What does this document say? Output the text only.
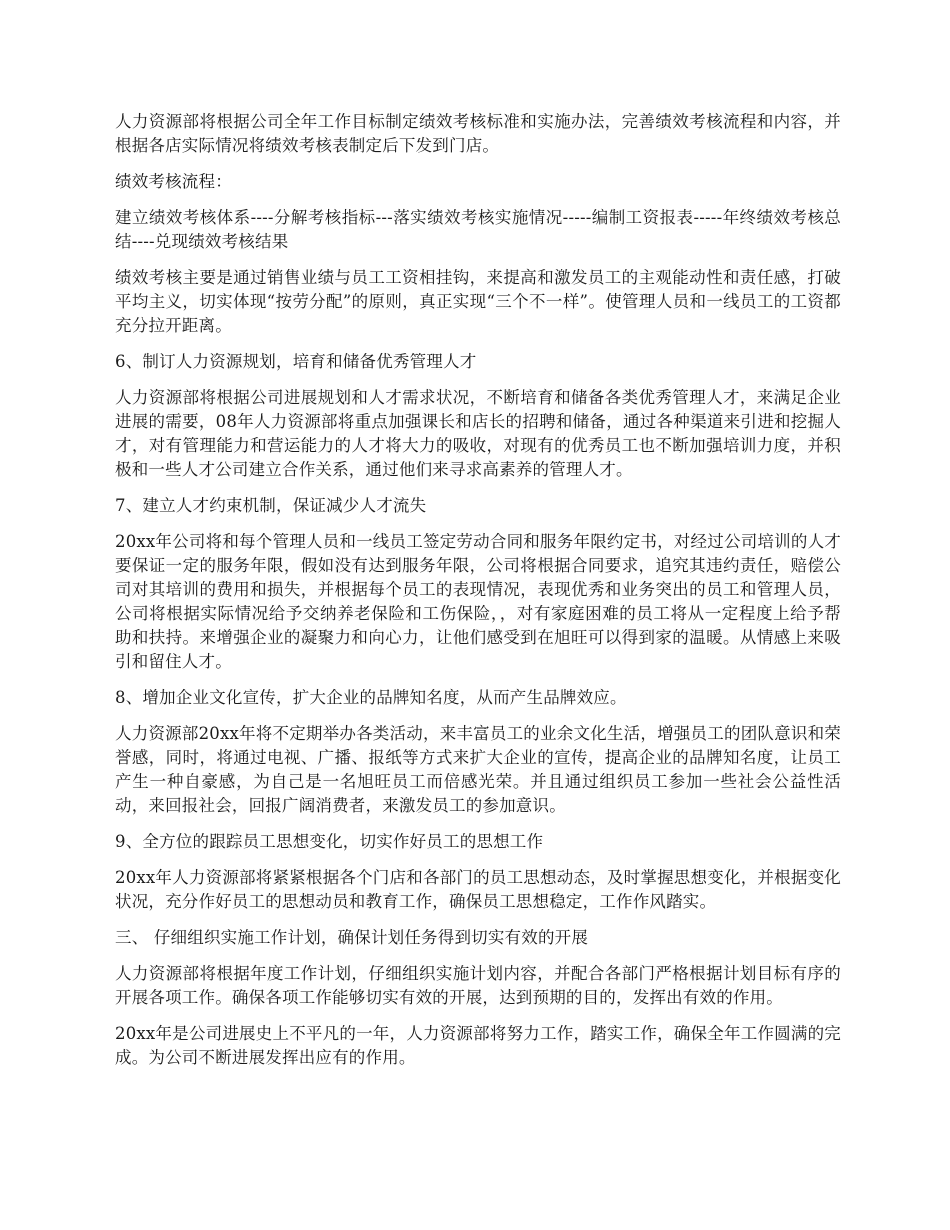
人力资源部将根据公司全年工作目标制定绩效考核标准和实施办法，完善绩效考核流程和内容，并根据各店实际情况将绩效考核表制定后下发到门店。

绩效考核流程：

建立绩效考核体系----分解考核指标---落实绩效考核实施情况-----编制工资报表-----年终绩效考核总结----兑现绩效考核结果

绩效考核主要是通过销售业绩与员工工资相挂钩，来提高和激发员工的主观能动性和责任感，打破平均主义，切实体现“按劳分配”的原则，真正实现“三个不一样”。使管理人员和一线员工的工资都充分拉开距离。

6、制订人力资源规划，培育和储备优秀管理人才

人力资源部将根据公司进展规划和人才需求状况，不断培育和储备各类优秀管理人才，来满足企业进展的需要，08年人力资源部将重点加强课长和店长的招聘和储备，通过各种渠道来引进和挖掘人才，对有管理能力和营运能力的人才将大力的吸收，对现有的优秀员工也不断加强培训力度，并积极和一些人才公司建立合作关系，通过他们来寻求高素养的管理人才。

7、建立人才约束机制，保证减少人才流失

20xx年公司将和每个管理人员和一线员工签定劳动合同和服务年限约定书，对经过公司培训的人才要保证一定的服务年限，假如没有达到服务年限，公司将根据合同要求，追究其违约责任，赔偿公司对其培训的费用和损失，并根据每个员工的表现情况，表现优秀和业务突出的员工和管理人员，公司将根据实际情况给予交纳养老保险和工伤保险，，对有家庭困难的员工将从一定程度上给予帮助和扶持。来增强企业的凝聚力和向心力，让他们感受到在旭旺可以得到家的温暖。从情感上来吸引和留住人才。

8、增加企业文化宣传，扩大企业的品牌知名度，从而产生品牌效应。

人力资源部20xx年将不定期举办各类活动，来丰富员工的业余文化生活，增强员工的团队意识和荣誉感，同时，将通过电视、广播、报纸等方式来扩大企业的宣传，提高企业的品牌知名度，让员工产生一种自豪感，为自己是一名旭旺员工而倍感光荣。并且通过组织员工参加一些社会公益性活动，来回报社会，回报广阔消费者，来激发员工的参加意识。

9、全方位的跟踪员工思想变化，切实作好员工的思想工作

20xx年人力资源部将紧紧根据各个门店和各部门的员工思想动态，及时掌握思想变化，并根据变化状况，充分作好员工的思想动员和教育工作，确保员工思想稳定，工作作风踏实。

三、 仔细组织实施工作计划，确保计划任务得到切实有效的开展

人力资源部将根据年度工作计划，仔细组织实施计划内容，并配合各部门严格根据计划目标有序的开展各项工作。确保各项工作能够切实有效的开展，达到预期的目的，发挥出有效的作用。

20xx年是公司进展史上不平凡的一年，人力资源部将努力工作，踏实工作，确保全年工作圆满的完成。为公司不断进展发挥出应有的作用。
